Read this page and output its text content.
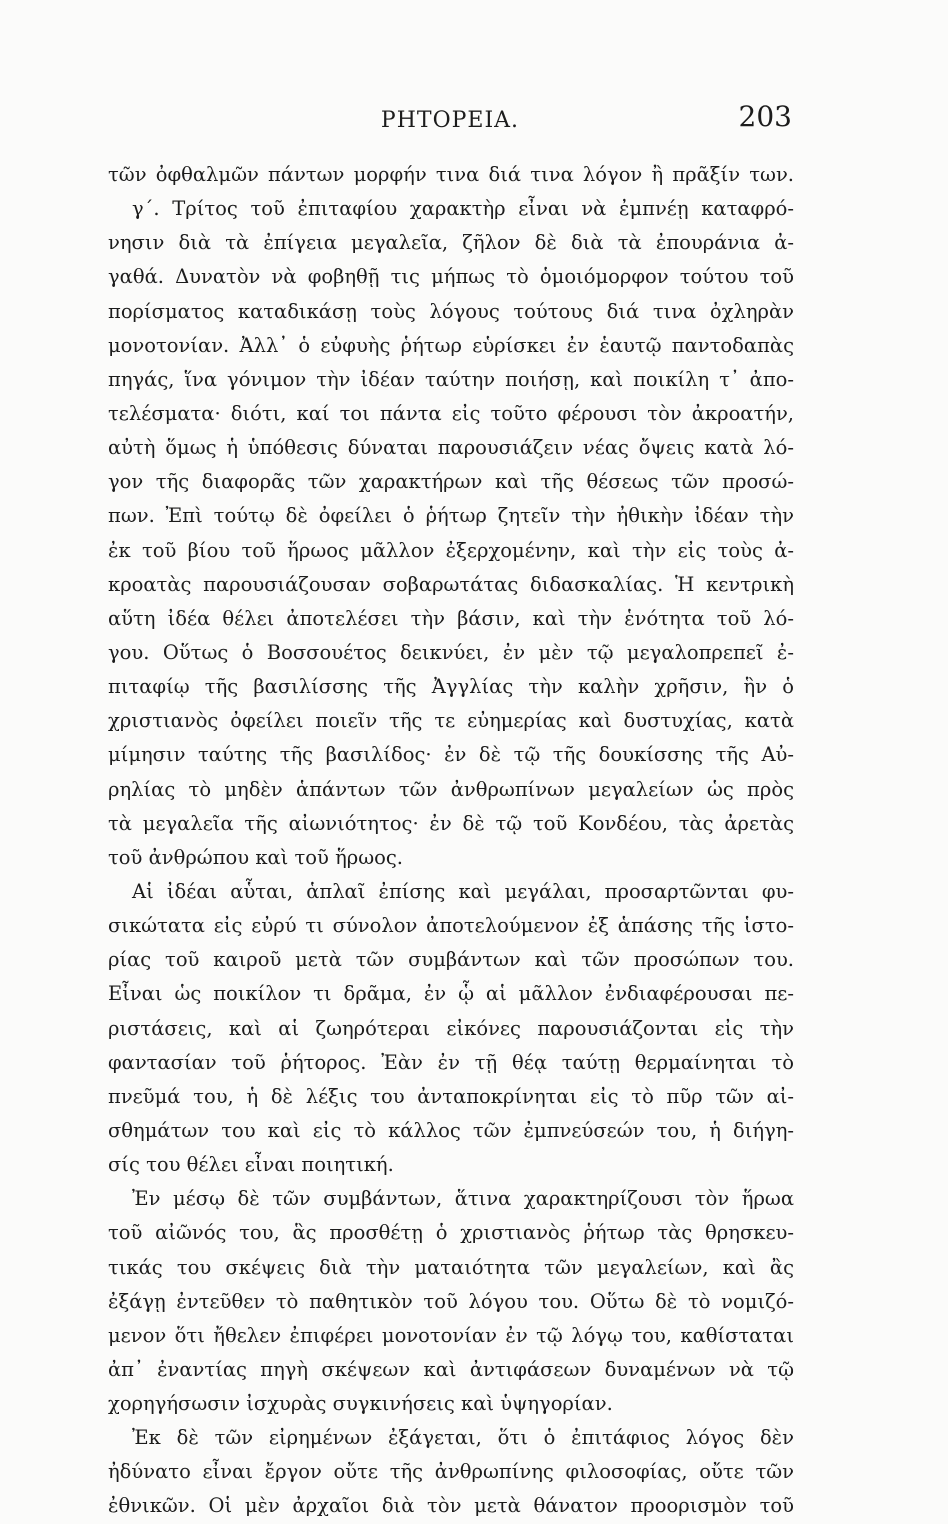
ΡΗΤΟΡΕΙΑ.	203
τῶν ὀφθαλμῶν πάντων μορφήν τινα διά τινα λόγον ἢ πρᾶξίν των.
γ΄. Τρίτος τοῦ ἐπιταφίου χαρακτὴρ εἶναι νὰ ἐμπνέῃ καταφρό-
νησιν διὰ τὰ ἐπίγεια μεγαλεῖα, ζῆλον δὲ διὰ τὰ ἐπουράνια ἀ-
γαθά. Δυνατὸν νὰ φοβηθῇ τις μήπως τὸ ὁμοιόμορφον τούτου τοῦ
πορίσματος καταδικάσῃ τοὺς λόγους τούτους διά τινα ὀχληρὰν
μονοτονίαν. Ἀλλ᾽ ὁ εὐφυὴς ῥήτωρ εὑρίσκει ἐν ἑαυτῷ παντοδαπὰς
πηγάς, ἵνα γόνιμον τὴν ἰδέαν ταύτην ποιήσῃ, καὶ ποικίλη τ᾽ ἀπο-
τελέσματα· διότι, καί τοι πάντα εἰς τοῦτο φέρουσι τὸν ἀκροατήν,
αὐτὴ ὅμως ἡ ὑπόθεσις δύναται παρουσιάζειν νέας ὄψεις κατὰ λό-
γον τῆς διαφορᾶς τῶν χαρακτήρων καὶ τῆς θέσεως τῶν προσώ-
πων. Ἐπὶ τούτῳ δὲ ὀφείλει ὁ ῥήτωρ ζητεῖν τὴν ἠθικὴν ἰδέαν τὴν
ἐκ τοῦ βίου τοῦ ἥρωος μᾶλλον ἐξερχομένην, καὶ τὴν εἰς τοὺς ἀ-
κροατὰς παρουσιάζουσαν σοβαρωτάτας διδασκαλίας. Ἡ κεντρικὴ
αὕτη ἰδέα θέλει ἀποτελέσει τὴν βάσιν, καὶ τὴν ἑνότητα τοῦ λό-
γου. Οὕτως ὁ Βοσσουέτος δεικνύει, ἐν μὲν τῷ μεγαλοπρεπεῖ ἐ-
πιταφίῳ τῆς βασιλίσσης τῆς Ἀγγλίας τὴν καλὴν χρῆσιν, ἣν ὁ
χριστιανὸς ὀφείλει ποιεῖν τῆς τε εὐημερίας καὶ δυστυχίας, κατὰ
μίμησιν ταύτης τῆς βασιλίδος· ἐν δὲ τῷ τῆς δουκίσσης τῆς Αὐ-
ρηλίας τὸ μηδὲν ἁπάντων τῶν ἀνθρωπίνων μεγαλείων ὡς πρὸς
τὰ μεγαλεῖα τῆς αἰωνιότητος· ἐν δὲ τῷ τοῦ Κονδέου, τὰς ἀρετὰς
τοῦ ἀνθρώπου καὶ τοῦ ἥρωος.
Αἱ ἰδέαι αὗται, ἁπλαῖ ἐπίσης καὶ μεγάλαι, προσαρτῶνται φυ-
σικώτατα εἰς εὐρύ τι σύνολον ἀποτελούμενον ἐξ ἁπάσης τῆς ἱστο-
ρίας τοῦ καιροῦ μετὰ τῶν συμβάντων καὶ τῶν προσώπων του.
Εἶναι ὡς ποικίλον τι δρᾶμα, ἐν ᾧ αἱ μᾶλλον ἐνδιαφέρουσαι πε-
ριστάσεις, καὶ αἱ ζωηρότεραι εἰκόνες παρουσιάζονται εἰς τὴν
φαντασίαν τοῦ ῥήτορος. Ἐὰν ἐν τῇ θέᾳ ταύτῃ θερμαίνηται τὸ
πνεῦμά του, ἡ δὲ λέξις του ἀνταποκρίνηται εἰς τὸ πῦρ τῶν αἰ-
σθημάτων του καὶ εἰς τὸ κάλλος τῶν ἐμπνεύσεών του, ἡ διήγη-
σίς του θέλει εἶναι ποιητική.
Ἐν μέσῳ δὲ τῶν συμβάντων, ἅτινα χαρακτηρίζουσι τὸν ἥρωα
τοῦ αἰῶνός του, ἃς προσθέτῃ ὁ χριστιανὸς ῥήτωρ τὰς θρησκευ-
τικάς του σκέψεις διὰ τὴν ματαιότητα τῶν μεγαλείων, καὶ ἂς
ἐξάγῃ ἐντεῦθεν τὸ παθητικὸν τοῦ λόγου του. Οὕτω δὲ τὸ νομιζό-
μενον ὅτι ἤθελεν ἐπιφέρει μονοτονίαν ἐν τῷ λόγῳ του, καθίσταται
ἀπ᾽ ἐναντίας πηγὴ σκέψεων καὶ ἀντιφάσεων δυναμένων νὰ τῷ
χορηγήσωσιν ἰσχυρὰς συγκινήσεις καὶ ὑψηγορίαν.
Ἐκ δὲ τῶν εἰρημένων ἐξάγεται, ὅτι ὁ ἐπιτάφιος λόγος δὲν
ἠδύνατο εἶναι ἔργον οὔτε τῆς ἀνθρωπίνης φιλοσοφίας, οὔτε τῶν
ἐθνικῶν. Οἱ μὲν ἀρχαῖοι διὰ τὸν μετὰ θάνατον προορισμὸν τοῦ
